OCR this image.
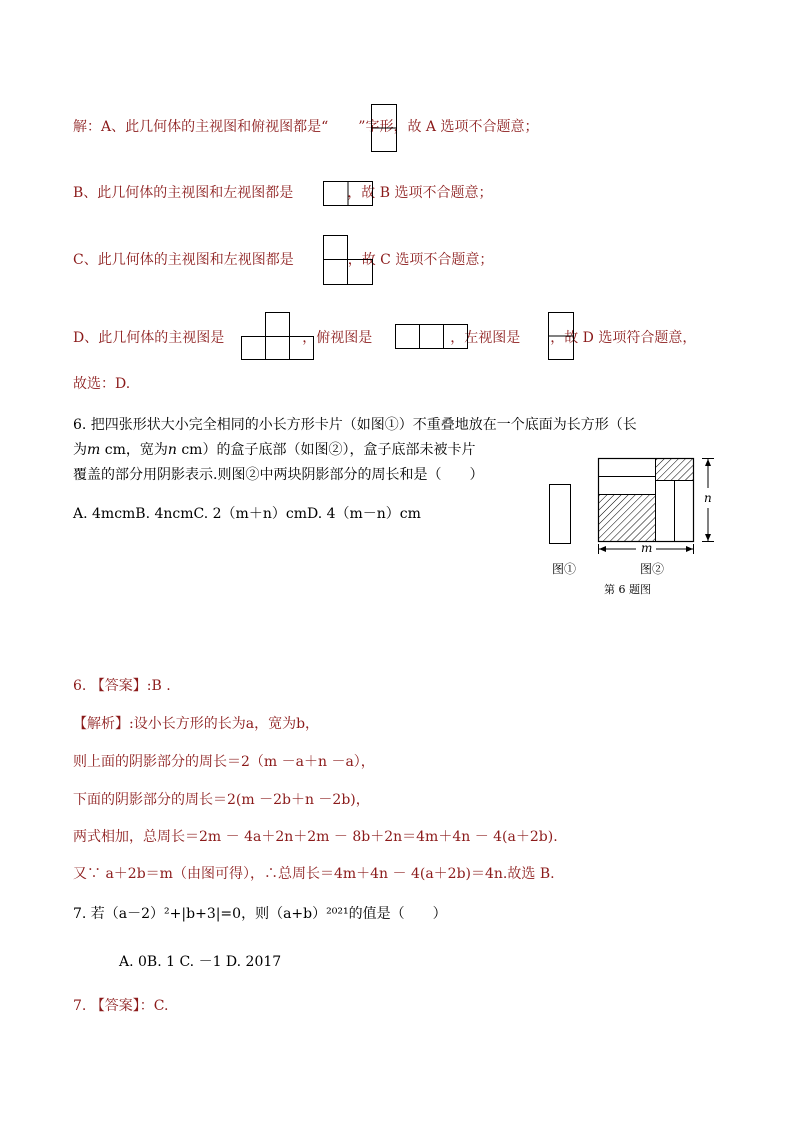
解：A、此几何体的主视图和俯视图都是“ ”字形，故 A 选项不合题意；
B、此几何体的主视图和左视图都是	，故 B 选项不合题意；
C、此几何体的主视图和左视图都是	，故 C 选项不合题意；
D、此几何体的主视图是	，俯视图是	，左视图是 ，故 D 选项符合题意，
故选：D.
6. 把四张形状大小完全相同的小长方形卡片（如图①）不重叠地放在一个底面为长方形（长
为m cm，宽为n cm）的盒子底部（如图②），盒子底部未被卡片
覆盖的部分用阴影表示.则图②中两块阴影部分的周长和是（　　）
A. 4mcmB. 4ncmC. 2（m＋n）cmD. 4（m－n）cm
图①
n
m
图②
第 6 题图
6. 【答案】:B .
【解析】:设小长方形的长为a，宽为b，
则上面的阴影部分的周长＝2（m －a＋n －a），
下面的阴影部分的周长＝2(m －2b＋n －2b)，
两式相加，总周长＝2m － 4a＋2n＋2m － 8b＋2n＝4m＋4n － 4(a＋2b).
又∵ a＋2b＝m（由图可得），∴总周长＝4m＋4n － 4(a＋2b)＝4n.故选 B.
7. 若（a－2）²+|b+3|=0，则（a+b）²⁰²¹的值是（　　）
A. 0B. 1 C. －1 D. 2017
7. 【答案】：C.
